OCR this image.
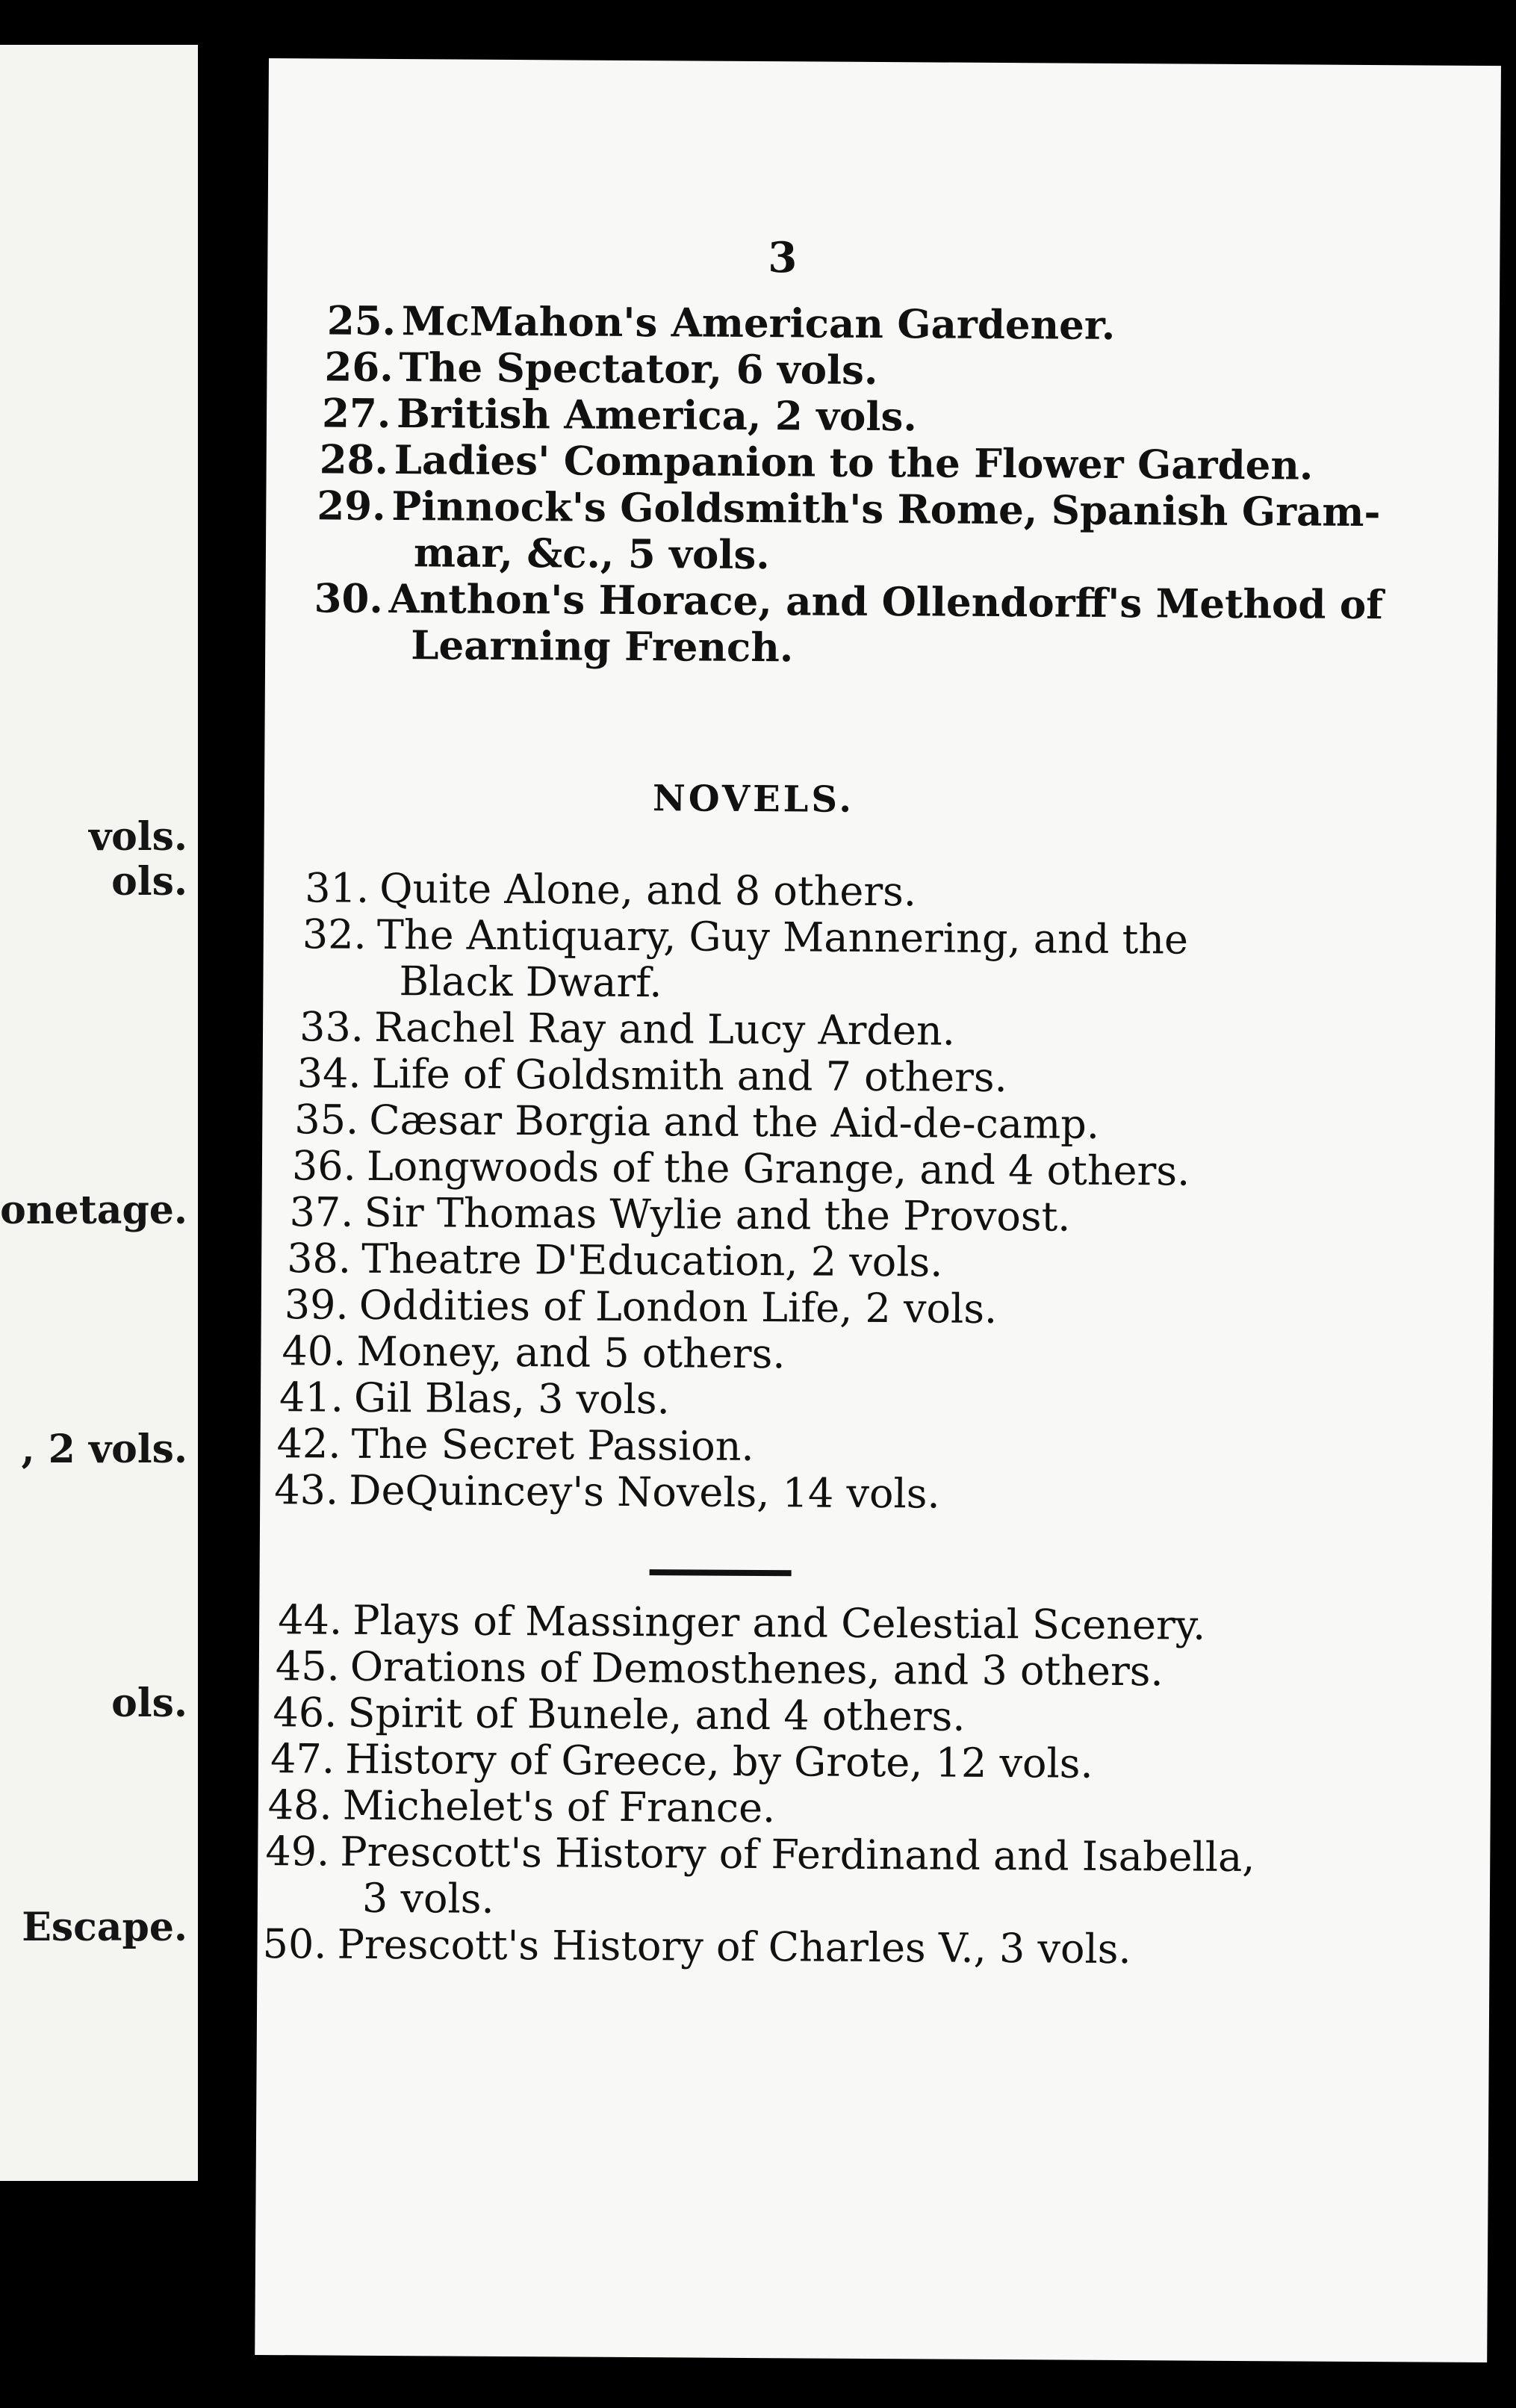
vols.
ols.
onetage.
, 2 vols.
ols.
Escape.
3
25. McMahon's American Gardener.
26. The Spectator, 6 vols.
27. British America, 2 vols.
28. Ladies' Companion to the Flower Garden.
29. Pinnock's Goldsmith's Rome, Spanish Gram-
mar, &c., 5 vols.
30. Anthon's Horace, and Ollendorff's Method of
Learning French.
NOVELS.
31. Quite Alone, and 8 others.
32. The Antiquary, Guy Mannering, and the
Black Dwarf.
33. Rachel Ray and Lucy Arden.
34. Life of Goldsmith and 7 others.
35. Cæsar Borgia and the Aid-de-camp.
36. Longwoods of the Grange, and 4 others.
37. Sir Thomas Wylie and the Provost.
38. Theatre D'Education, 2 vols.
39. Oddities of London Life, 2 vols.
40. Money, and 5 others.
41. Gil Blas, 3 vols.
42. The Secret Passion.
43. DeQuincey's Novels, 14 vols.
44. Plays of Massinger and Celestial Scenery.
45. Orations of Demosthenes, and 3 others.
46. Spirit of Bunele, and 4 others.
47. History of Greece, by Grote, 12 vols.
48. Michelet's of France.
49. Prescott's History of Ferdinand and Isabella,
3 vols.
50. Prescott's History of Charles V., 3 vols.
